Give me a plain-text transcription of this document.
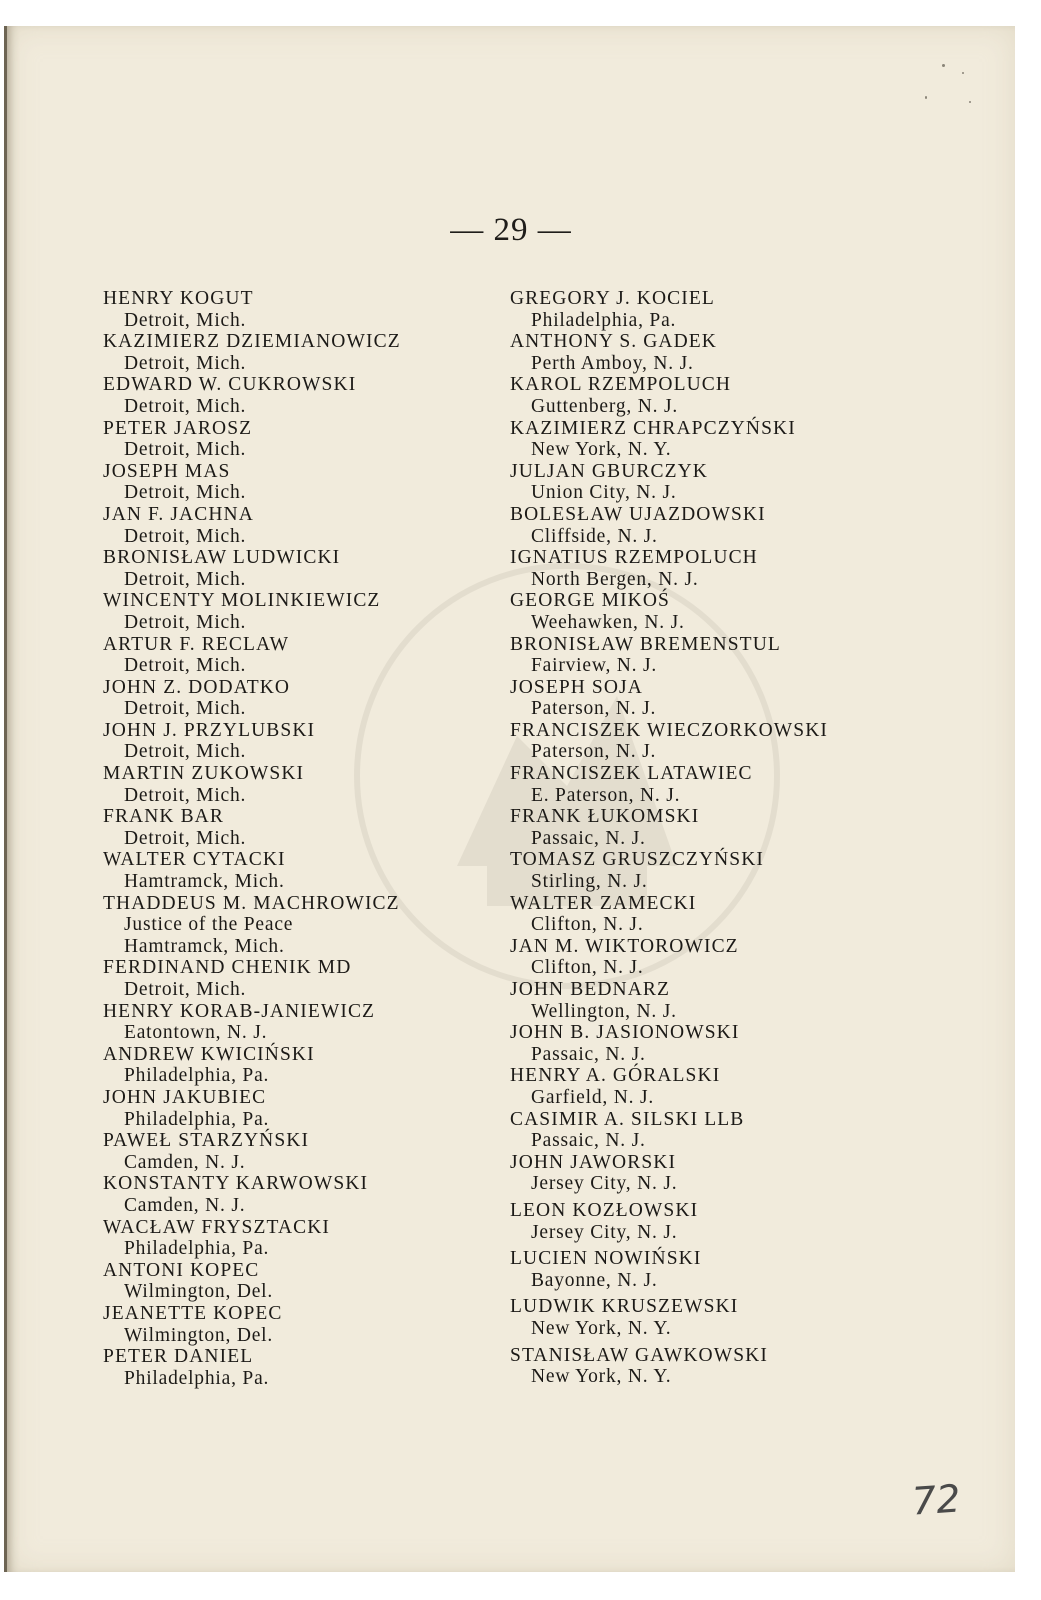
— 29 —
HENRY KOGUT
Detroit, Mich.
KAZIMIERZ DZIEMIANOWICZ
Detroit, Mich.
EDWARD W. CUKROWSKI
Detroit, Mich.
PETER JAROSZ
Detroit, Mich.
JOSEPH MAS
Detroit, Mich.
JAN F. JACHNA
Detroit, Mich.
BRONISŁAW LUDWICKI
Detroit, Mich.
WINCENTY MOLINKIEWICZ
Detroit, Mich.
ARTUR F. RECLAW
Detroit, Mich.
JOHN Z. DODATKO
Detroit, Mich.
JOHN J. PRZYLUBSKI
Detroit, Mich.
MARTIN ZUKOWSKI
Detroit, Mich.
FRANK BAR
Detroit, Mich.
WALTER CYTACKI
Hamtramck, Mich.
THADDEUS M. MACHROWICZ
Justice of the Peace
Hamtramck, Mich.
FERDINAND CHENIK MD
Detroit, Mich.
HENRY KORAB-JANIEWICZ
Eatontown, N. J.
ANDREW KWICIŃSKI
Philadelphia, Pa.
JOHN JAKUBIEC
Philadelphia, Pa.
PAWEŁ STARZYŃSKI
Camden, N. J.
KONSTANTY KARWOWSKI
Camden, N. J.
WACŁAW FRYSZTACKI
Philadelphia, Pa.
ANTONI KOPEC
Wilmington, Del.
JEANETTE KOPEC
Wilmington, Del.
PETER DANIEL
Philadelphia, Pa.
GREGORY J. KOCIEL
Philadelphia, Pa.
ANTHONY S. GADEK
Perth Amboy, N. J.
KAROL RZEMPOLUCH
Guttenberg, N. J.
KAZIMIERZ CHRAPCZYŃSKI
New York, N. Y.
JULJAN GBURCZYK
Union City, N. J.
BOLESŁAW UJAZDOWSKI
Cliffside, N. J.
IGNATIUS RZEMPOLUCH
North Bergen, N. J.
GEORGE MIKOŚ
Weehawken, N. J.
BRONISŁAW BREMENSTUL
Fairview, N. J.
JOSEPH SOJA
Paterson, N. J.
FRANCISZEK WIECZORKOWSKI
Paterson, N. J.
FRANCISZEK LATAWIEC
E. Paterson, N. J.
FRANK ŁUKOMSKI
Passaic, N. J.
TOMASZ GRUSZCZYŃSKI
Stirling, N. J.
WALTER ZAMECKI
Clifton, N. J.
JAN M. WIKTOROWICZ
Clifton, N. J.
JOHN BEDNARZ
Wellington, N. J.
JOHN B. JASIONOWSKI
Passaic, N. J.
HENRY A. GÓRALSKI
Garfield, N. J.
CASIMIR A. SILSKI LLB
Passaic, N. J.
JOHN JAWORSKI
Jersey City, N. J.
LEON KOZŁOWSKI
Jersey City, N. J.
LUCIEN NOWIŃSKI
Bayonne, N. J.
LUDWIK KRUSZEWSKI
New York, N. Y.
STANISŁAW GAWKOWSKI
New York, N. Y.
72
